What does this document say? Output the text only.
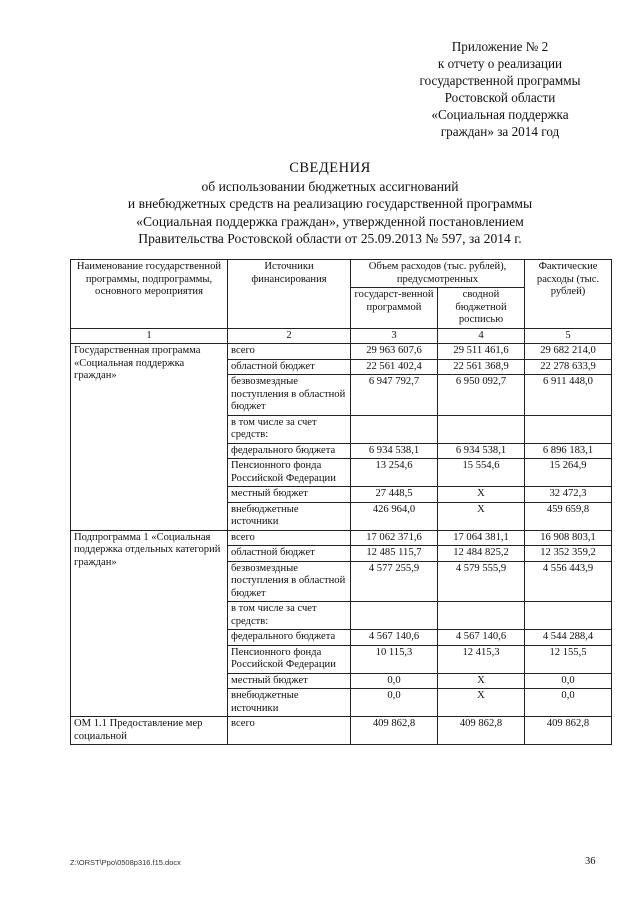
Приложение № 2
к отчету о реализации
государственной программы
Ростовской области
«Социальная поддержка
граждан» за 2014 год
СВЕДЕНИЯ
об использовании бюджетных ассигнований
и внебюджетных средств на реализацию государственной программы
«Социальная поддержка граждан», утвержденной постановлением
Правительства Ростовской области от 25.09.2013 № 597, за 2014 г.
Наименование государственной программы, подпрограммы, основного мероприятия	Источники финансирования	Объем расходов (тыс. рублей), предусмотренных		Фактические расходы (тыс. рублей)
		государст-венной программой	сводной бюджетной росписью	
1	2	3	4	5
Государственная программа «Социальная поддержка граждан»	всего	29 963 607,6	29 511 461,6	29 682 214,0
	областной бюджет	22 561 402,4	22 561 368,9	22 278 633,9
	безвозмездные поступления в областной бюджет	6 947 792,7	6 950 092,7	6 911 448,0
	в том числе за счет средств:			
	федерального бюджета	6 934 538,1	6 934 538,1	6 896 183,1
	Пенсионного фонда Российской Федерации	13 254,6	15 554,6	15 264,9
	местный бюджет	27 448,5	Х	32 472,3
	внебюджетные источники	426 964,0	Х	459 659,8
Подпрограмма 1 «Социальная поддержка отдельных категорий граждан»	всего	17 062 371,6	17 064 381,1	16 908 803,1
	областной бюджет	12 485 115,7	12 484 825,2	12 352 359,2
	безвозмездные поступления в областной бюджет	4 577 255,9	4 579 555,9	4 556 443,9
	в том числе за счет средств:			
	федерального бюджета	4 567 140,6	4 567 140,6	4 544 288,4
	Пенсионного фонда Российской Федерации	10 115,3	12 415,3	12 155,5
	местный бюджет	0,0	Х	0,0
	внебюджетные источники	0,0	Х	0,0
ОМ 1.1 Предоставление мер социальной	всего	409 862,8	409 862,8	409 862,8
Z:\ORST\Ppo\0508p316.f15.docx	36
